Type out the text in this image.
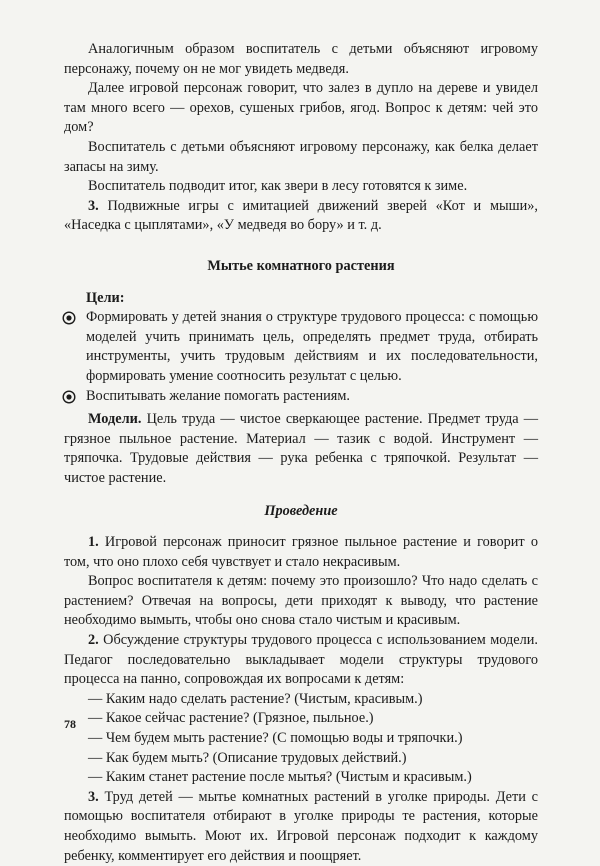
Аналогичным образом воспитатель с детьми объясняют игровому персонажу, почему он не мог увидеть медведя.

Далее игровой персонаж говорит, что залез в дупло на дереве и увидел там много всего — орехов, сушеных грибов, ягод. Вопрос к детям: чей это дом?

Воспитатель с детьми объясняют игровому персонажу, как белка делает запасы на зиму.

Воспитатель подводит итог, как звери в лесу готовятся к зиме.

3. Подвижные игры с имитацией движений зверей «Кот и мыши», «Наседка с цыплятами», «У медведя во бору» и т. д.

Мытье комнатного растения
Цели:
Формировать у детей знания о структуре трудового процесса: с помощью моделей учить принимать цель, определять предмет труда, отбирать инструменты, учить трудовым действиям и их последовательности, формировать умение соотносить результат с целью.
Воспитывать желание помогать растениям.

Модели. Цель труда — чистое сверкающее растение. Предмет труда — грязное пыльное растение. Материал — тазик с водой. Инструмент — тряпочка. Трудовые действия — рука ребенка с тряпочкой. Результат — чистое растение.

Проведение

1. Игровой персонаж приносит грязное пыльное растение и говорит о том, что оно плохо себя чувствует и стало некрасивым.

Вопрос воспитателя к детям: почему это произошло? Что надо сделать с растением? Отвечая на вопросы, дети приходят к выводу, что растение необходимо вымыть, чтобы оно снова стало чистым и красивым.

2. Обсуждение структуры трудового процесса с использованием модели. Педагог последовательно выкладывает модели структуры трудового процесса на панно, сопровождая их вопросами к детям:

— Каким надо сделать растение? (Чистым, красивым.)
— Какое сейчас растение? (Грязное, пыльное.)
— Чем будем мыть растение? (С помощью воды и тряпочки.)
— Как будем мыть? (Описание трудовых действий.)
— Каким станет растение после мытья? (Чистым и красивым.)

3. Труд детей — мытье комнатных растений в уголке природы. Дети с помощью воспитателя отбирают в уголке природы те растения, которые необходимо вымыть. Моют их. Игровой персонаж подходит к каждому ребенку, комментирует его действия и поощряет.

78
